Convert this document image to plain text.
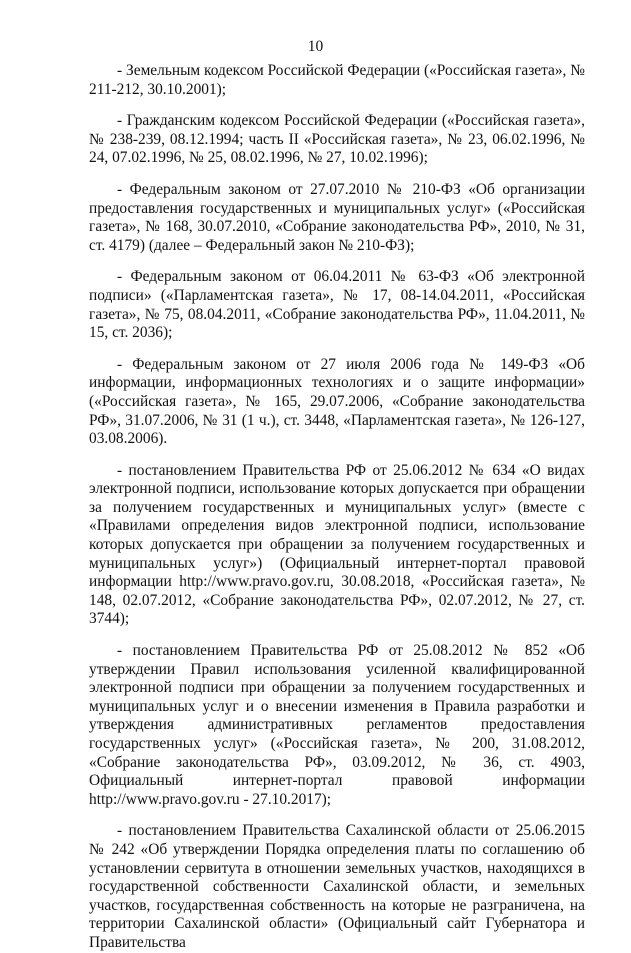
10

- Земельным кодексом Российской Федерации («Российская газета», № 211-212, 30.10.2001);

- Гражданским кодексом Российской Федерации («Российская газета», № 238-239, 08.12.1994; часть II «Российская газета», № 23, 06.02.1996, № 24, 07.02.1996, № 25, 08.02.1996, № 27, 10.02.1996);

- Федеральным законом от 27.07.2010 № 210-ФЗ «Об организации предоставления государственных и муниципальных услуг» («Российская газета», № 168, 30.07.2010, «Собрание законодательства РФ», 2010, № 31, ст. 4179) (далее – Федеральный закон № 210-ФЗ);

- Федеральным законом от 06.04.2011 № 63-ФЗ «Об электронной подписи» («Парламентская газета», № 17, 08-14.04.2011, «Российская газета», № 75, 08.04.2011, «Собрание законодательства РФ», 11.04.2011, № 15, ст. 2036);

- Федеральным законом от 27 июля 2006 года № 149-ФЗ «Об информации, информационных технологиях и о защите информации» («Российская газета», № 165, 29.07.2006, «Собрание законодательства РФ», 31.07.2006, № 31 (1 ч.), ст. 3448, «Парламентская газета», № 126-127, 03.08.2006).

- постановлением Правительства РФ от 25.06.2012 № 634 «О видах электронной подписи, использование которых допускается при обращении за получением государственных и муниципальных услуг» (вместе с «Правилами определения видов электронной подписи, использование которых допускается при обращении за получением государственных и муниципальных услуг») (Официальный интернет-портал правовой информации http://www.pravo.gov.ru, 30.08.2018, «Российская газета», № 148, 02.07.2012, «Собрание законодательства РФ», 02.07.2012, № 27, ст. 3744);

- постановлением Правительства РФ от 25.08.2012 № 852 «Об утверждении Правил использования усиленной квалифицированной электронной подписи при обращении за получением государственных и муниципальных услуг и о внесении изменения в Правила разработки и утверждения административных регламентов предоставления государственных услуг» («Российская газета», № 200, 31.08.2012, «Собрание законодательства РФ», 03.09.2012, № 36, ст. 4903, Официальный интернет-портал правовой информации http://www.pravo.gov.ru - 27.10.2017);

- постановлением Правительства Сахалинской области от 25.06.2015 № 242 «Об утверждении Порядка определения платы по соглашению об установлении сервитута в отношении земельных участков, находящихся в государственной собственности Сахалинской области, и земельных участков, государственная собственность на которые не разграничена, на территории Сахалинской области» (Официальный сайт Губернатора и Правительства
